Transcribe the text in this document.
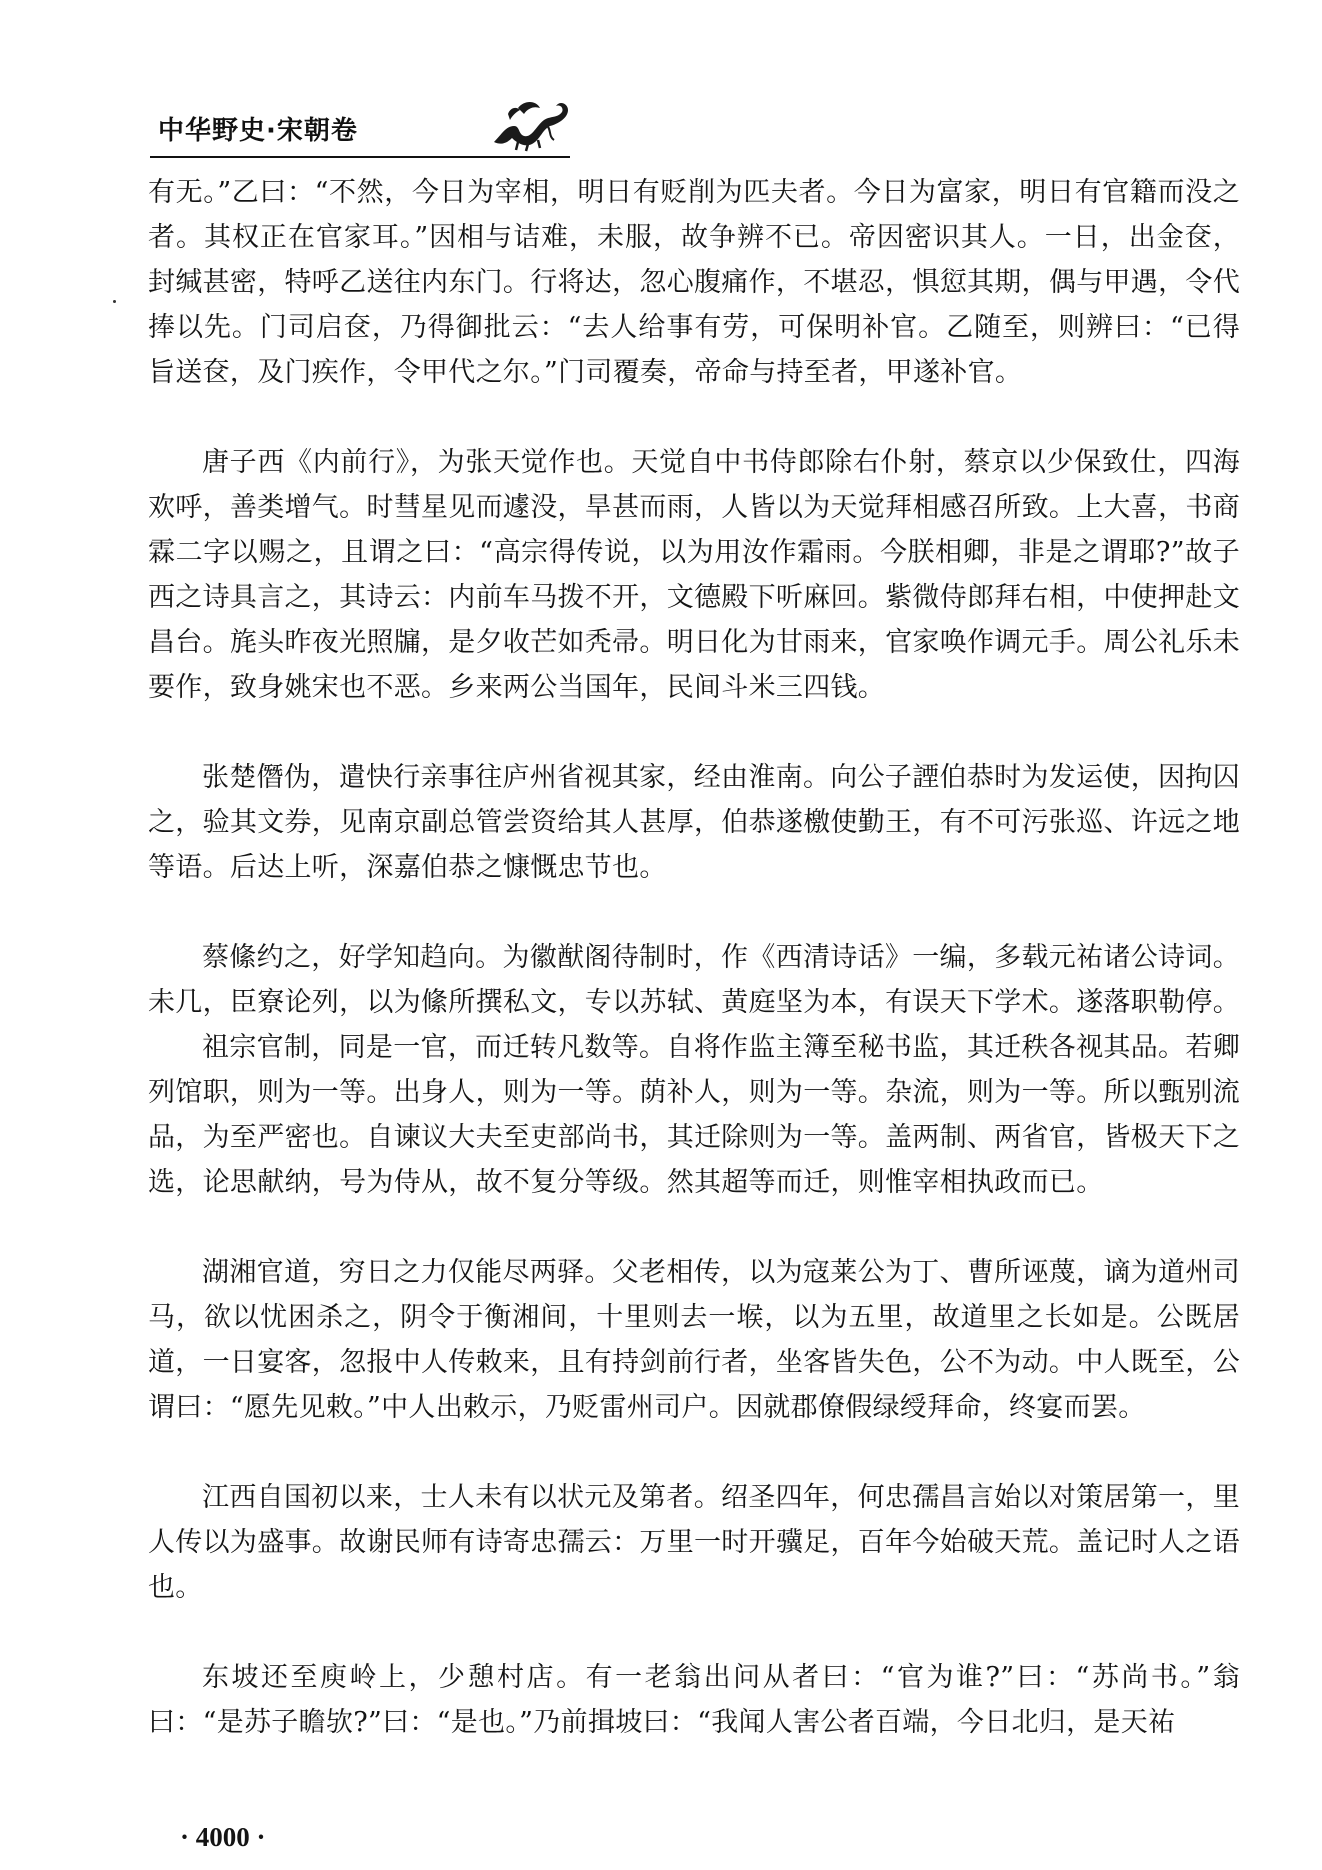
中华野史·宋朝卷

有无。”乙曰：“不然，今日为宰相，明日有贬削为匹夫者。今日为富家，明日有官籍而没之者。其权正在官家耳。”因相与诘难，未服，故争辨不已。帝因密识其人。一日，出金奁，封缄甚密，特呼乙送往内东门。行将达，忽心腹痛作，不堪忍，惧愆其期，偶与甲遇，令代捧以先。门司启奁，乃得御批云：“去人给事有劳，可保明补官。乙随至，则辨曰：“已得旨送奁，及门疾作，令甲代之尔。”门司覆奏，帝命与持至者，甲遂补官。

唐子西《内前行》，为张天觉作也。天觉自中书侍郎除右仆射，蔡京以少保致仕，四海欢呼，善类增气。时彗星见而遽没，旱甚而雨，人皆以为天觉拜相感召所致。上大喜，书商霖二字以赐之，且谓之曰：“高宗得传说，以为用汝作霜雨。今朕相卿，非是之谓耶?”故子西之诗具言之，其诗云：内前车马拨不开，文德殿下听麻回。紫微侍郎拜右相，中使押赴文昌台。旄头昨夜光照牖，是夕收芒如秃帚。明日化为甘雨来，官家唤作调元手。周公礼乐未要作，致身姚宋也不恶。乡来两公当国年，民间斗米三四钱。

张楚僭伪，遣快行亲事往庐州省视其家，经由淮南。向公子諲伯恭时为发运使，因拘囚之，验其文券，见南京副总管尝资给其人甚厚，伯恭遂檄使勤王，有不可污张巡、许远之地等语。后达上听，深嘉伯恭之慷慨忠节也。

蔡絛约之，好学知趋向。为徽猷阁待制时，作《西清诗话》一编，多载元祐诸公诗词。未几，臣寮论列，以为絛所撰私文，专以苏轼、黄庭坚为本，有误天下学术。遂落职勒停。

祖宗官制，同是一官，而迁转凡数等。自将作监主簿至秘书监，其迁秩各视其品。若卿列馆职，则为一等。出身人，则为一等。荫补人，则为一等。杂流，则为一等。所以甄别流品，为至严密也。自谏议大夫至吏部尚书，其迁除则为一等。盖两制、两省官，皆极天下之选，论思献纳，号为侍从，故不复分等级。然其超等而迁，则惟宰相执政而已。

湖湘官道，穷日之力仅能尽两驿。父老相传，以为寇莱公为丁、曹所诬蔑，谪为道州司马，欲以忧困杀之，阴令于衡湘间，十里则去一堠，以为五里，故道里之长如是。公既居道，一日宴客，忽报中人传敕来，且有持剑前行者，坐客皆失色，公不为动。中人既至，公谓曰：“愿先见敕。”中人出敕示，乃贬雷州司户。因就郡僚假绿绶拜命，终宴而罢。

江西自国初以来，士人未有以状元及第者。绍圣四年，何忠孺昌言始以对策居第一，里人传以为盛事。故谢民师有诗寄忠孺云：万里一时开骥足，百年今始破天荒。盖记时人之语也。

东坡还至庾岭上，少憩村店。有一老翁出问从者曰：“官为谁?”曰：“苏尚书。”翁曰：“是苏子瞻欤?”曰：“是也。”乃前揖坡曰：“我闻人害公者百端，今日北归，是天祐

· 4000 ·
